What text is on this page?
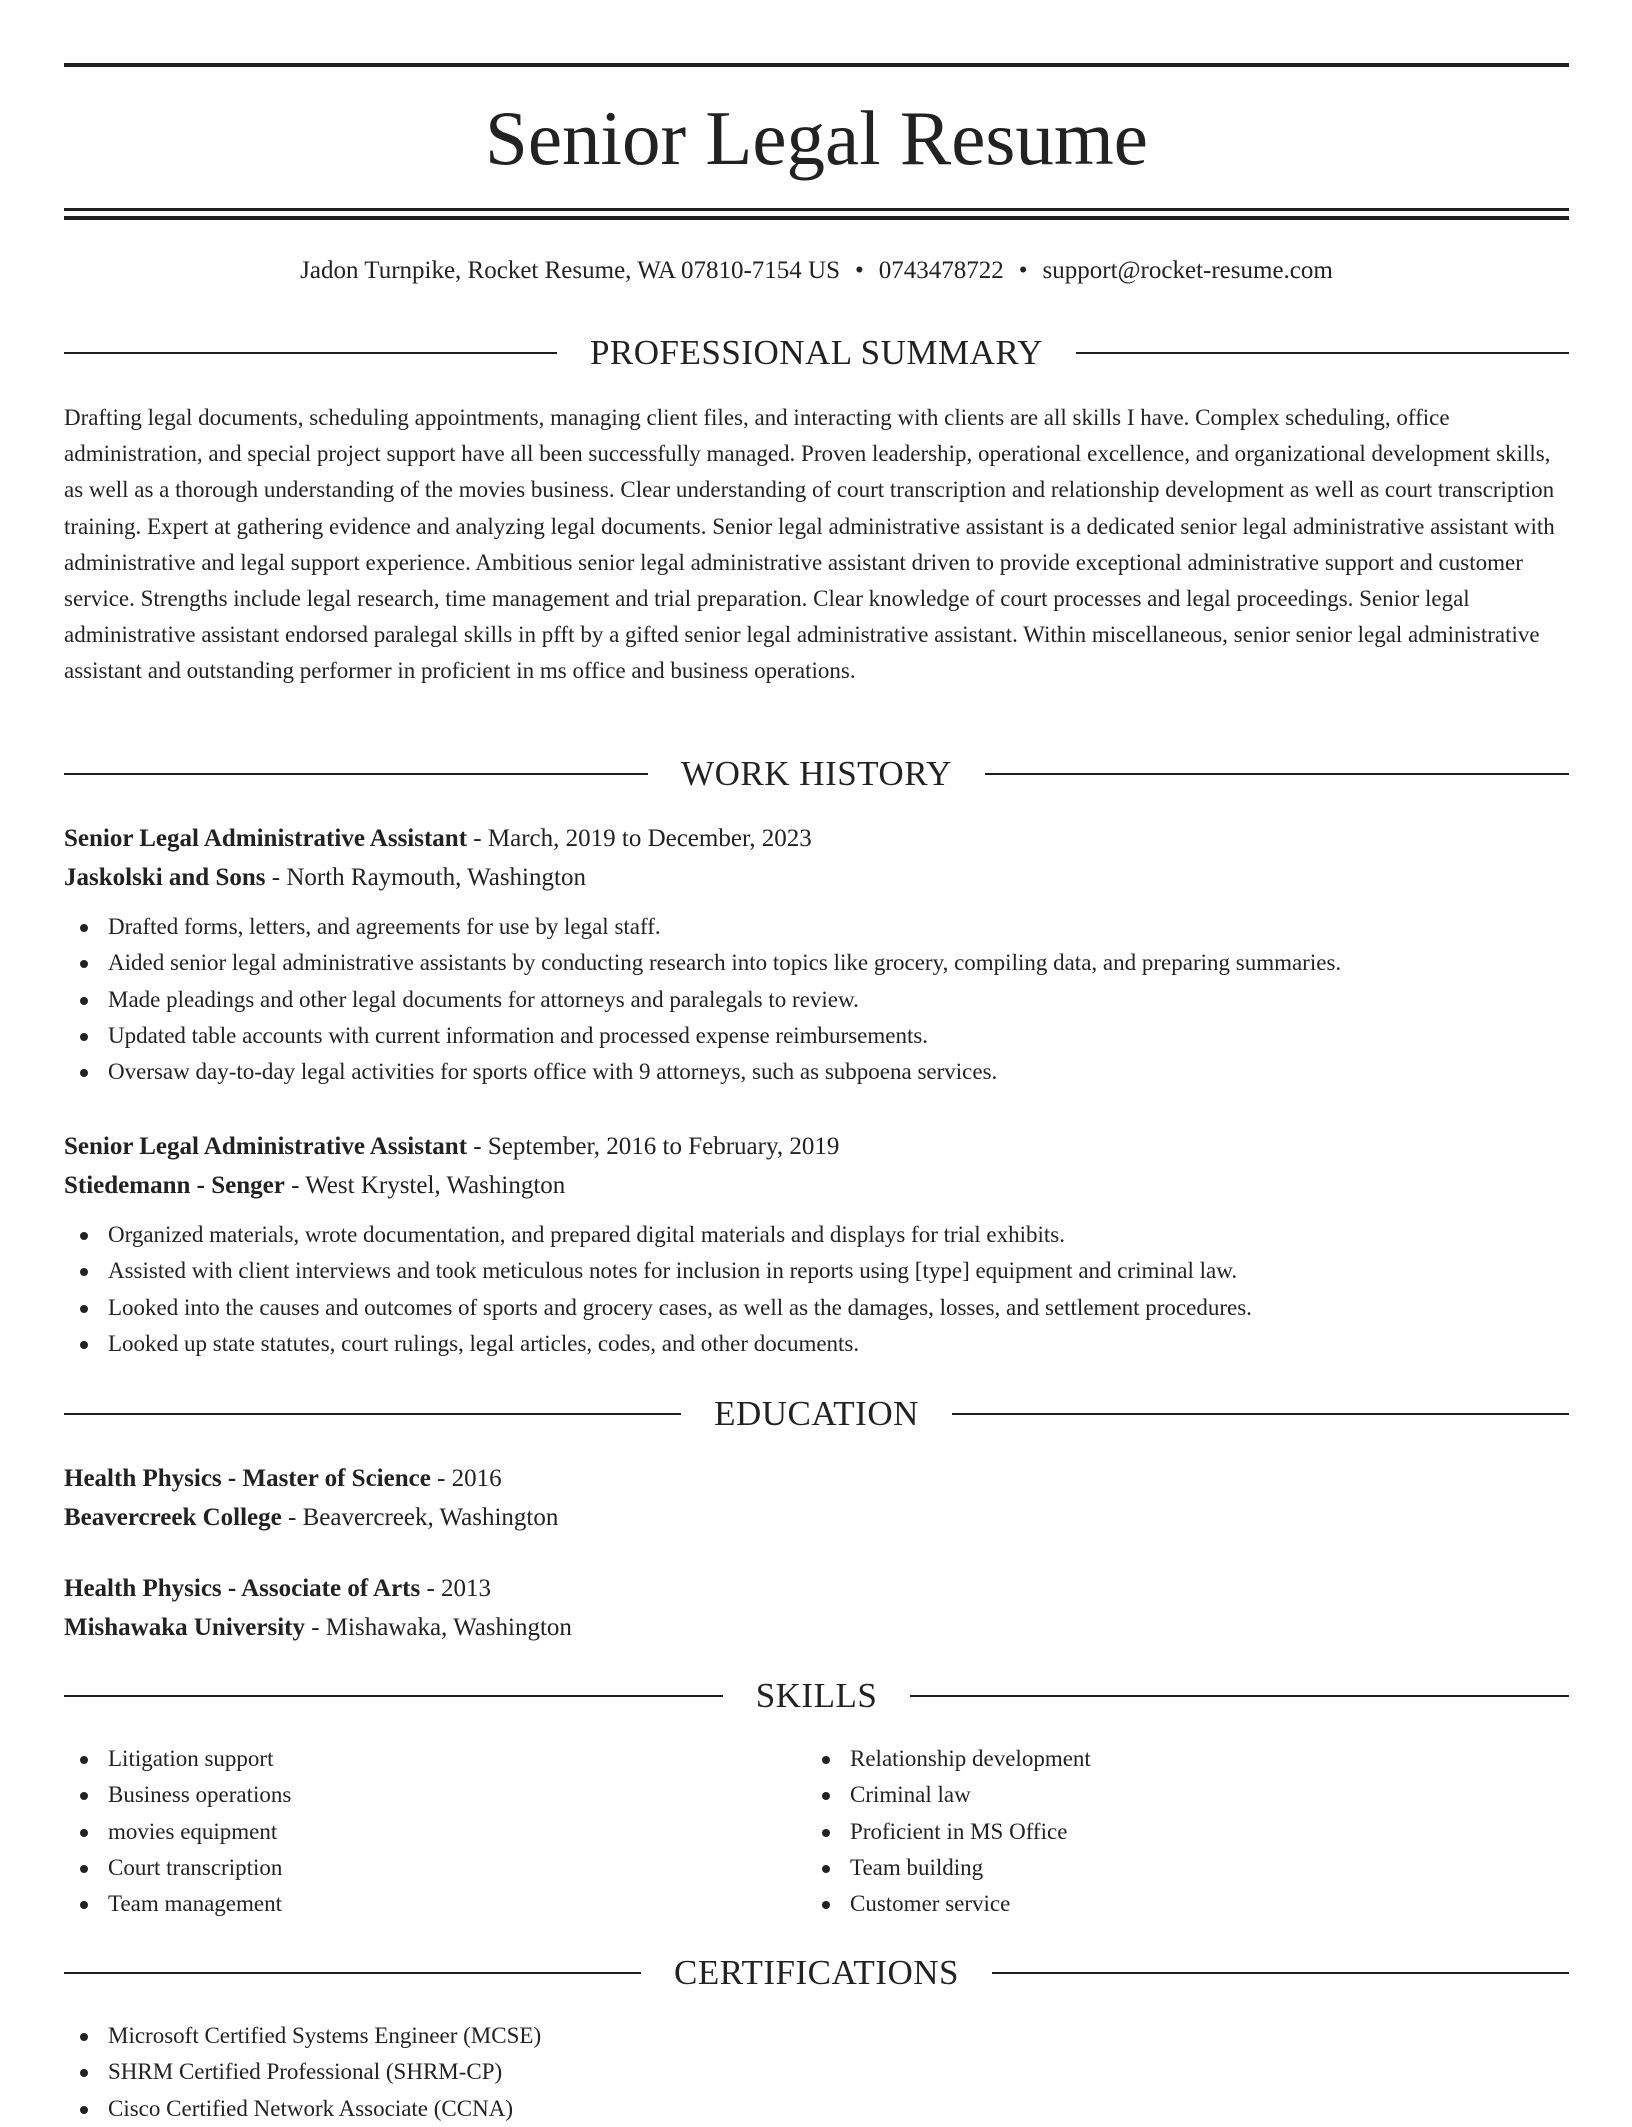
Senior Legal Resume
Jadon Turnpike, Rocket Resume, WA 07810-7154 US • 0743478722 • support@rocket-resume.com
PROFESSIONAL SUMMARY

Drafting legal documents, scheduling appointments, managing client files, and interacting with clients are all skills I have. Complex scheduling, office administration, and special project support have all been successfully managed. Proven leadership, operational excellence, and organizational development skills, as well as a thorough understanding of the movies business. Clear understanding of court transcription and relationship development as well as court transcription training. Expert at gathering evidence and analyzing legal documents. Senior legal administrative assistant is a dedicated senior legal administrative assistant with administrative and legal support experience. Ambitious senior legal administrative assistant driven to provide exceptional administrative support and customer service. Strengths include legal research, time management and trial preparation. Clear knowledge of court processes and legal proceedings. Senior legal administrative assistant endorsed paralegal skills in pfft by a gifted senior legal administrative assistant. Within miscellaneous, senior senior legal administrative assistant and outstanding performer in proficient in ms office and business operations.

WORK HISTORY
Senior Legal Administrative Assistant - March, 2019 to December, 2023
Jaskolski and Sons - North Raymouth, Washington
Drafted forms, letters, and agreements for use by legal staff.
Aided senior legal administrative assistants by conducting research into topics like grocery, compiling data, and preparing summaries.
Made pleadings and other legal documents for attorneys and paralegals to review.
Updated table accounts with current information and processed expense reimbursements.
Oversaw day-to-day legal activities for sports office with 9 attorneys, such as subpoena services.
Senior Legal Administrative Assistant - September, 2016 to February, 2019
Stiedemann - Senger - West Krystel, Washington
Organized materials, wrote documentation, and prepared digital materials and displays for trial exhibits.
Assisted with client interviews and took meticulous notes for inclusion in reports using [type] equipment and criminal law.
Looked into the causes and outcomes of sports and grocery cases, as well as the damages, losses, and settlement procedures.
Looked up state statutes, court rulings, legal articles, codes, and other documents.
EDUCATION
Health Physics - Master of Science - 2016
Beavercreek College - Beavercreek, Washington
Health Physics - Associate of Arts - 2013
Mishawaka University - Mishawaka, Washington
SKILLS
Litigation support
Business operations
movies equipment
Court transcription
Team management
Relationship development
Criminal law
Proficient in MS Office
Team building
Customer service
CERTIFICATIONS
Microsoft Certified Systems Engineer (MCSE)
SHRM Certified Professional (SHRM-CP)
Cisco Certified Network Associate (CCNA)
